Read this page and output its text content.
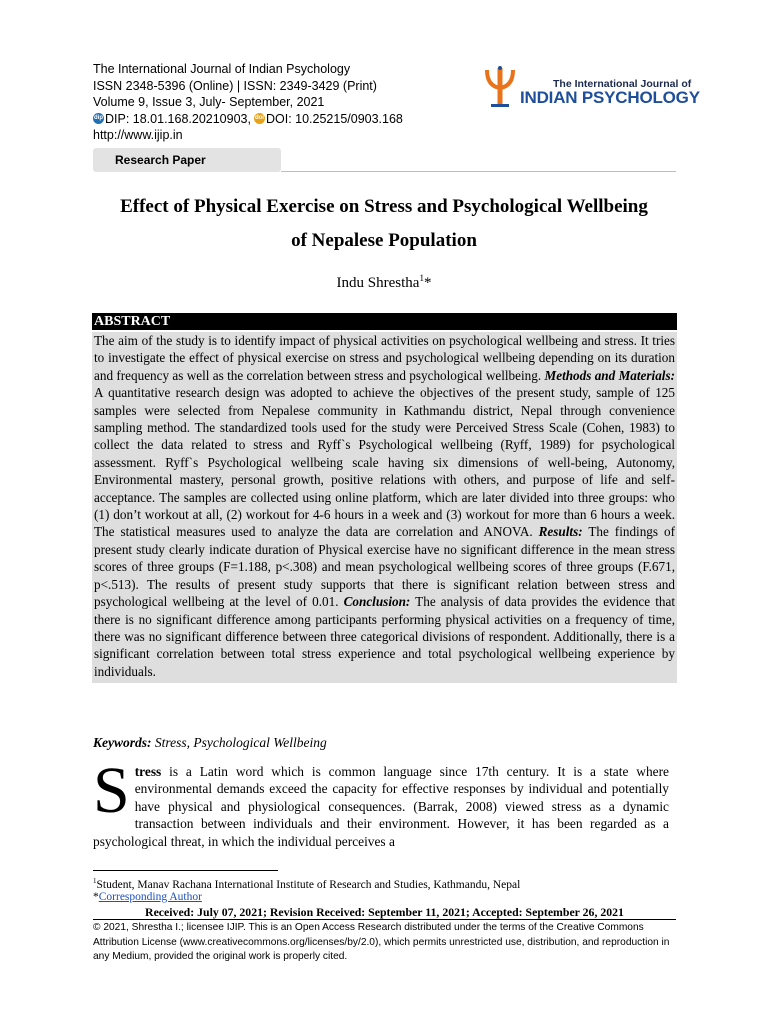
The International Journal of Indian Psychology
ISSN 2348-5396 (Online) | ISSN: 2349-3429 (Print)
Volume 9, Issue 3, July- September, 2021
dip DIP: 18.01.168.20210903, doi DOI: 10.25215/0903.168
http://www.ijip.in
The International Journal of
INDIAN PSYCHOLOGY
Research Paper
Effect of Physical Exercise on Stress and Psychological Wellbeing
of Nepalese Population
Indu Shrestha$^1$*
ABSTRACT
The aim of the study is to identify impact of physical activities on psychological wellbeing and stress. It tries to investigate the effect of physical exercise on stress and psychological wellbeing depending on its duration and frequency as well as the correlation between stress and psychological wellbeing. Methods and Materials: A quantitative research design was adopted to achieve the objectives of the present study, sample of 125 samples were selected from Nepalese community in Kathmandu district, Nepal through convenience sampling method. The standardized tools used for the study were Perceived Stress Scale (Cohen, 1983) to collect the data related to stress and Ryff`s Psychological wellbeing (Ryff, 1989) for psychological assessment. Ryff`s Psychological wellbeing scale having six dimensions of well-being, Autonomy, Environmental mastery, personal growth, positive relations with others, and purpose of life and self- acceptance. The samples are collected using online platform, which are later divided into three groups: who (1) don’t workout at all, (2) workout for 4-6 hours in a week and (3) workout for more than 6 hours a week. The statistical measures used to analyze the data are correlation and ANOVA. Results: The findings of present study clearly indicate duration of Physical exercise have no significant difference in the mean stress scores of three groups (F=1.188, p<.308) and mean psychological wellbeing scores of three groups (F.671, p<.513). The results of present study supports that there is significant relation between stress and psychological wellbeing at the level of 0.01. Conclusion: The analysis of data provides the evidence that there is no significant difference among participants performing physical activities on a frequency of time, there was no significant difference between three categorical divisions of respondent. Additionally, there is a significant correlation between total stress experience and total psychological wellbeing experience by individuals.
Keywords: Stress, Psychological Wellbeing
Stress is a Latin word which is common language since 17th century. It is a state where environmental demands exceed the capacity for effective responses by individual and potentially have physical and physiological consequences. (Barrak, 2008) viewed stress as a dynamic transaction between individuals and their environment. However, it has been regarded as a psychological threat, in which the individual perceives a
$^1$Student, Manav Rachana International Institute of Research and Studies, Kathmandu, Nepal
*Corresponding Author
Received: July 07, 2021; Revision Received: September 11, 2021; Accepted: September 26, 2021
© 2021, Shrestha I.; licensee IJIP. This is an Open Access Research distributed under the terms of the Creative Commons Attribution License (www.creativecommons.org/licenses/by/2.0), which permits unrestricted use, distribution, and reproduction in any Medium, provided the original work is properly cited.
